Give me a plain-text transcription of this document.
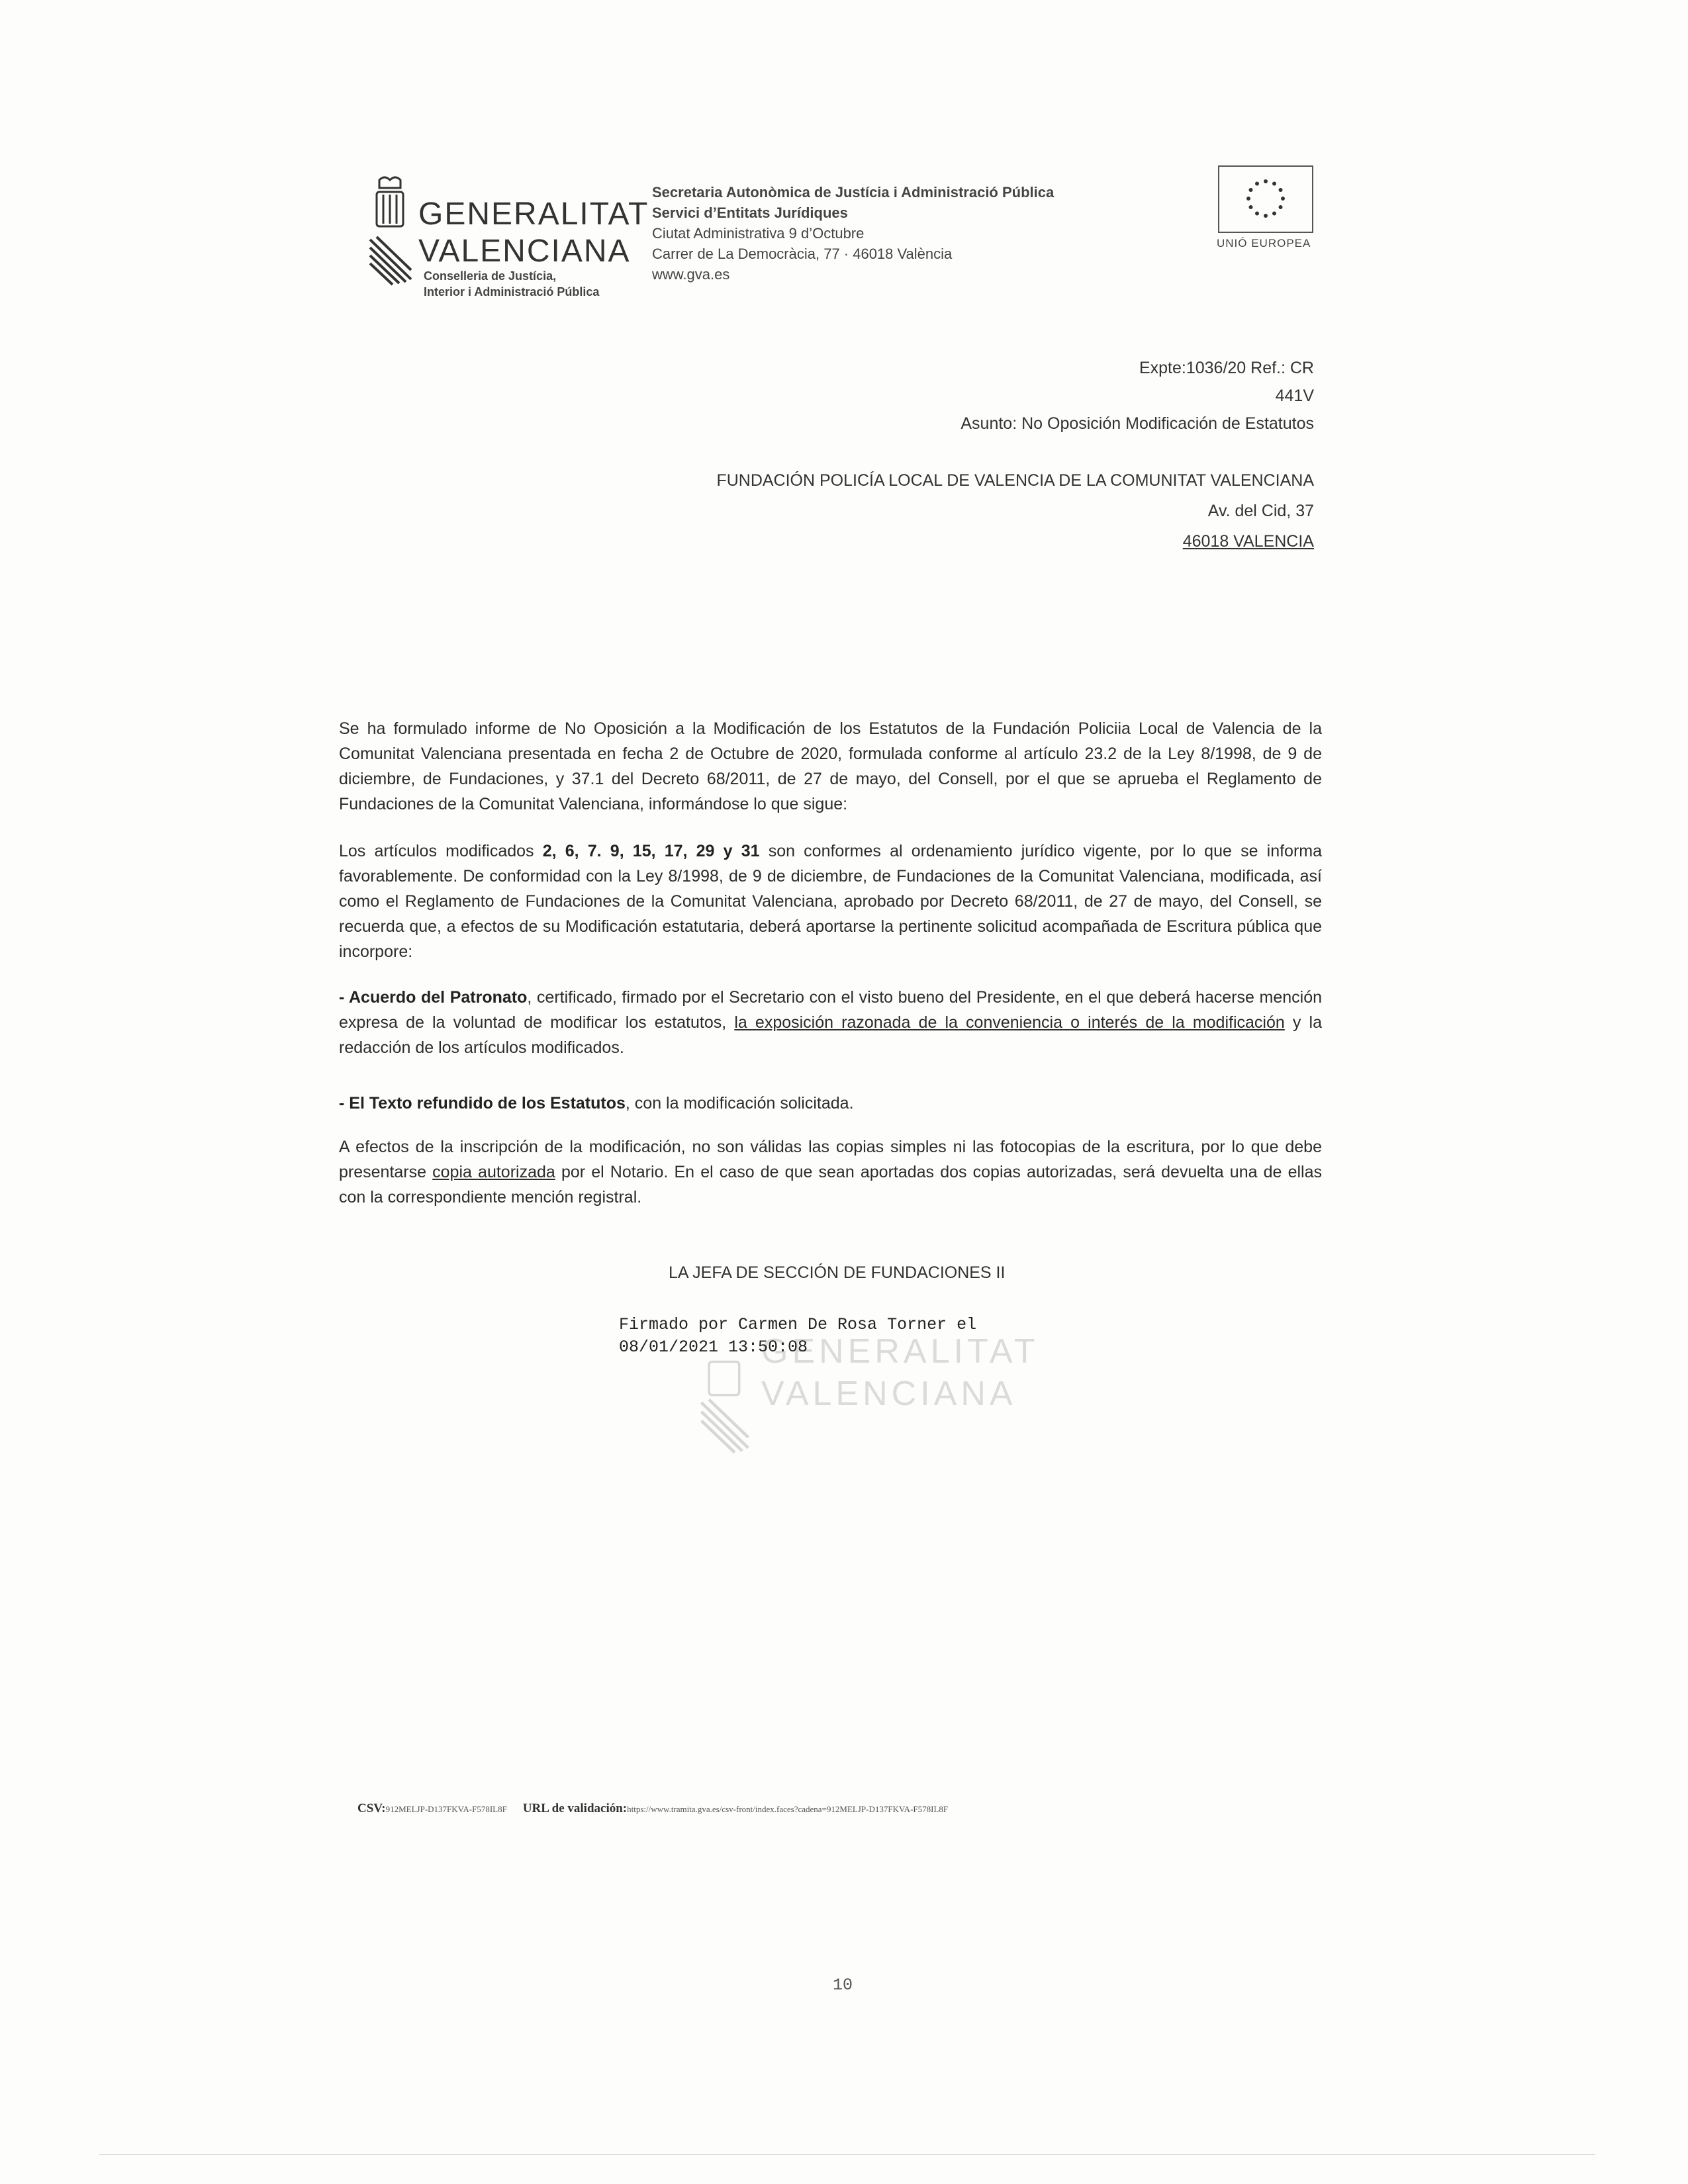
GENERALITAT
VALENCIANA
Conselleria de Justícia,
Interior i Administració Pública
Secretaria Autonòmica de Justícia i Administració Pública
Servici d’Entitats Jurídiques
Ciutat Administrativa 9 d’Octubre
Carrer de La Democràcia, 77 · 46018 València
www.gva.es
UNIÓ EUROPEA
Expte:1036/20 Ref.: CR
441V
Asunto: No Oposición Modificación de Estatutos
FUNDACIÓN POLICÍA LOCAL DE VALENCIA DE LA COMUNITAT VALENCIANA
Av. del Cid, 37
46018 VALENCIA
Se ha formulado informe de No Oposición a la Modificación de los Estatutos de la Fundación Policiia Local de Valencia de la Comunitat Valenciana presentada en fecha 2 de Octubre de 2020, formulada conforme al artículo 23.2 de la Ley 8/1998, de 9 de diciembre, de Fundaciones, y 37.1 del Decreto 68/2011, de 27 de mayo, del Consell, por el que se aprueba el Reglamento de Fundaciones de la Comunitat Valenciana, informándose lo que sigue:
Los artículos modificados 2, 6, 7. 9, 15, 17, 29 y 31 son conformes al ordenamiento jurídico vigente, por lo que se informa favorablemente. De conformidad con la Ley 8/1998, de 9 de diciembre, de Fundaciones de la Comunitat Valenciana, modificada, así como el Reglamento de Fundaciones de la Comunitat Valenciana, aprobado por Decreto 68/2011, de 27 de mayo, del Consell, se recuerda que, a efectos de su Modificación estatutaria, deberá aportarse la pertinente solicitud acompañada de Escritura pública que incorpore:
- Acuerdo del Patronato, certificado, firmado por el Secretario con el visto bueno del Presidente, en el que deberá hacerse mención expresa de la voluntad de modificar los estatutos, la exposición razonada de la conveniencia o interés de la modificación y la redacción de los artículos modificados.
- El Texto refundido de los Estatutos, con la modificación solicitada.
A efectos de la inscripción de la modificación, no son válidas las copias simples ni las fotocopias de la escritura, por lo que debe presentarse copia autorizada por el Notario. En el caso de que sean aportadas dos copias autorizadas, será devuelta una de ellas con la correspondiente mención registral.
LA JEFA DE SECCIÓN DE FUNDACIONES II
GENERALITAT
VALENCIANA
Firmado por Carmen De Rosa Torner el
08/01/2021 13:50:08
CSV:912MELJP-D137FKVA-F578IL8F URL de validación:https://www.tramita.gva.es/csv-front/index.faces?cadena=912MELJP-D137FKVA-F578IL8F
10
